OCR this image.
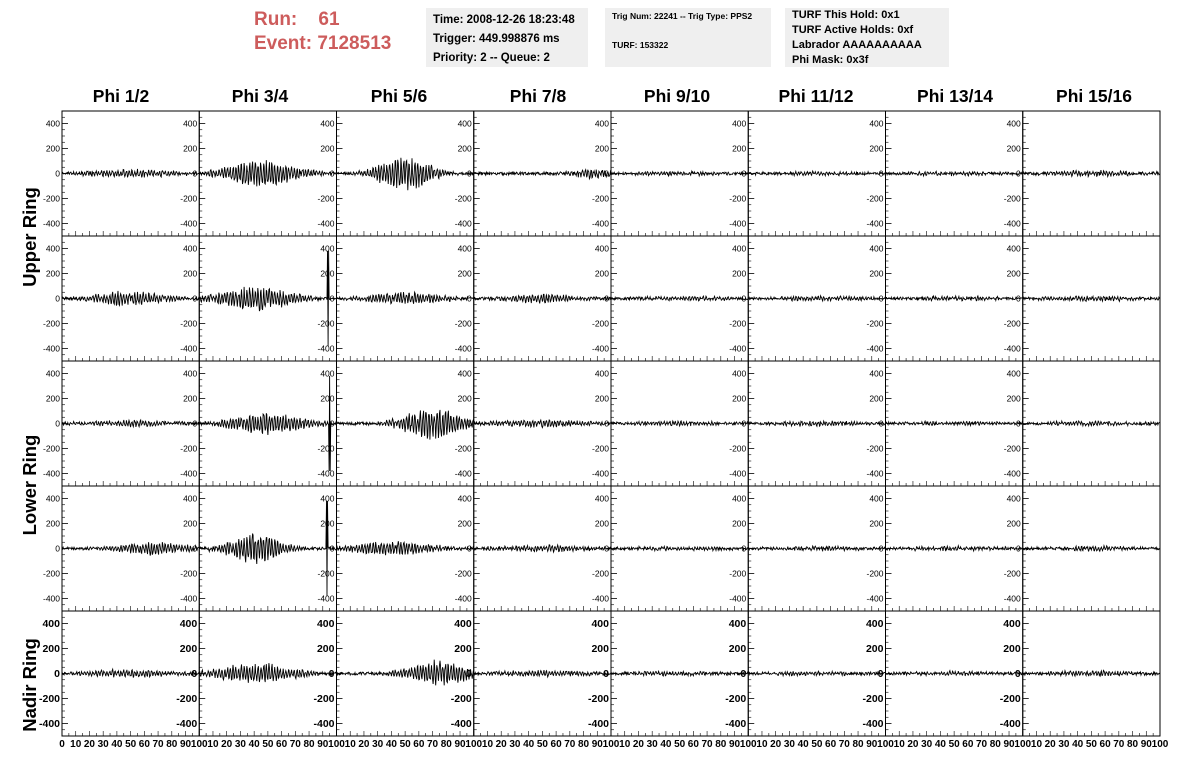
Run: 61
Event: 7128513
Time: 2008-12-26 18:23:48
Trigger: 449.998876 ms
Priority: 2 -- Queue: 2
Trig Num: 22241 -- Trig Type: PPS2
TURF: 153322
TURF This Hold: 0x1
TURF Active Holds: 0xf
Labrador AAAAAAAAAA
Phi Mask: 0x3f
Phi 1/2	Phi 3/4	Phi 5/6	Phi 7/8	Phi 9/10	Phi 11/12	Phi 13/14	Phi 15/16
Upper Ring
Lower Ring
Nadir Ring
-400
-200
0
200
400
-400
-200
0
200
400
-400
-200
0
200
400
-400
-200
0
200
400
-400
-200
0
200
400
-400
-200
0
200
400
-400
-200
0
200
400
-400
-200
0
200
400
-400
-200
0
200
400
-400
-200
0
200
400
-400
-200
0
200
400
-400
-200
0
200
400
-400
-200
0
200
400
-400
-200
0
200
400
-400
-200
0
200
400
-400
-200
0
200
400
-400
-200
0
200
400
-400
-200
0
200
400
-400
-200
0
200
400
-400
-200
0
200
400
-400
-200
0
200
400
-400
-200
0
200
400
-400
-200
0
200
400
-400
-200
0
200
400
-400
-200
0
200
400
-400
-200
0
200
400
-400
-200
0
200
400
-400
-200
0
200
400
-400
-200
0
200
400
-400
-200
0
200
400
-400
-200
0
200
400
-400
-200
0
200
400
-400
-200
0
200
400
-400
-200
0
200
400
-400
-200
0
200
400
-400
-200
0
200
400
-400
-200
0
200
400
-400
-200
0
200
400
-400
-200
0
200
400
-400
-200
0
200
400
0 10 20 30 40 50 60 70 80 90 100 10 20 30 40 50 60 70 80 90 100 10 20 30 40 50 60 70 80 90 100 10 20 30 40 50 60 70 80 90 100 10 20 30 40 50 60 70 80 90 100 10 20 30 40 50 60 70 80 90 100 10 20 30 40 50 60 70 80 90 100 10 20 30 40 50 60 70 80 90 100
